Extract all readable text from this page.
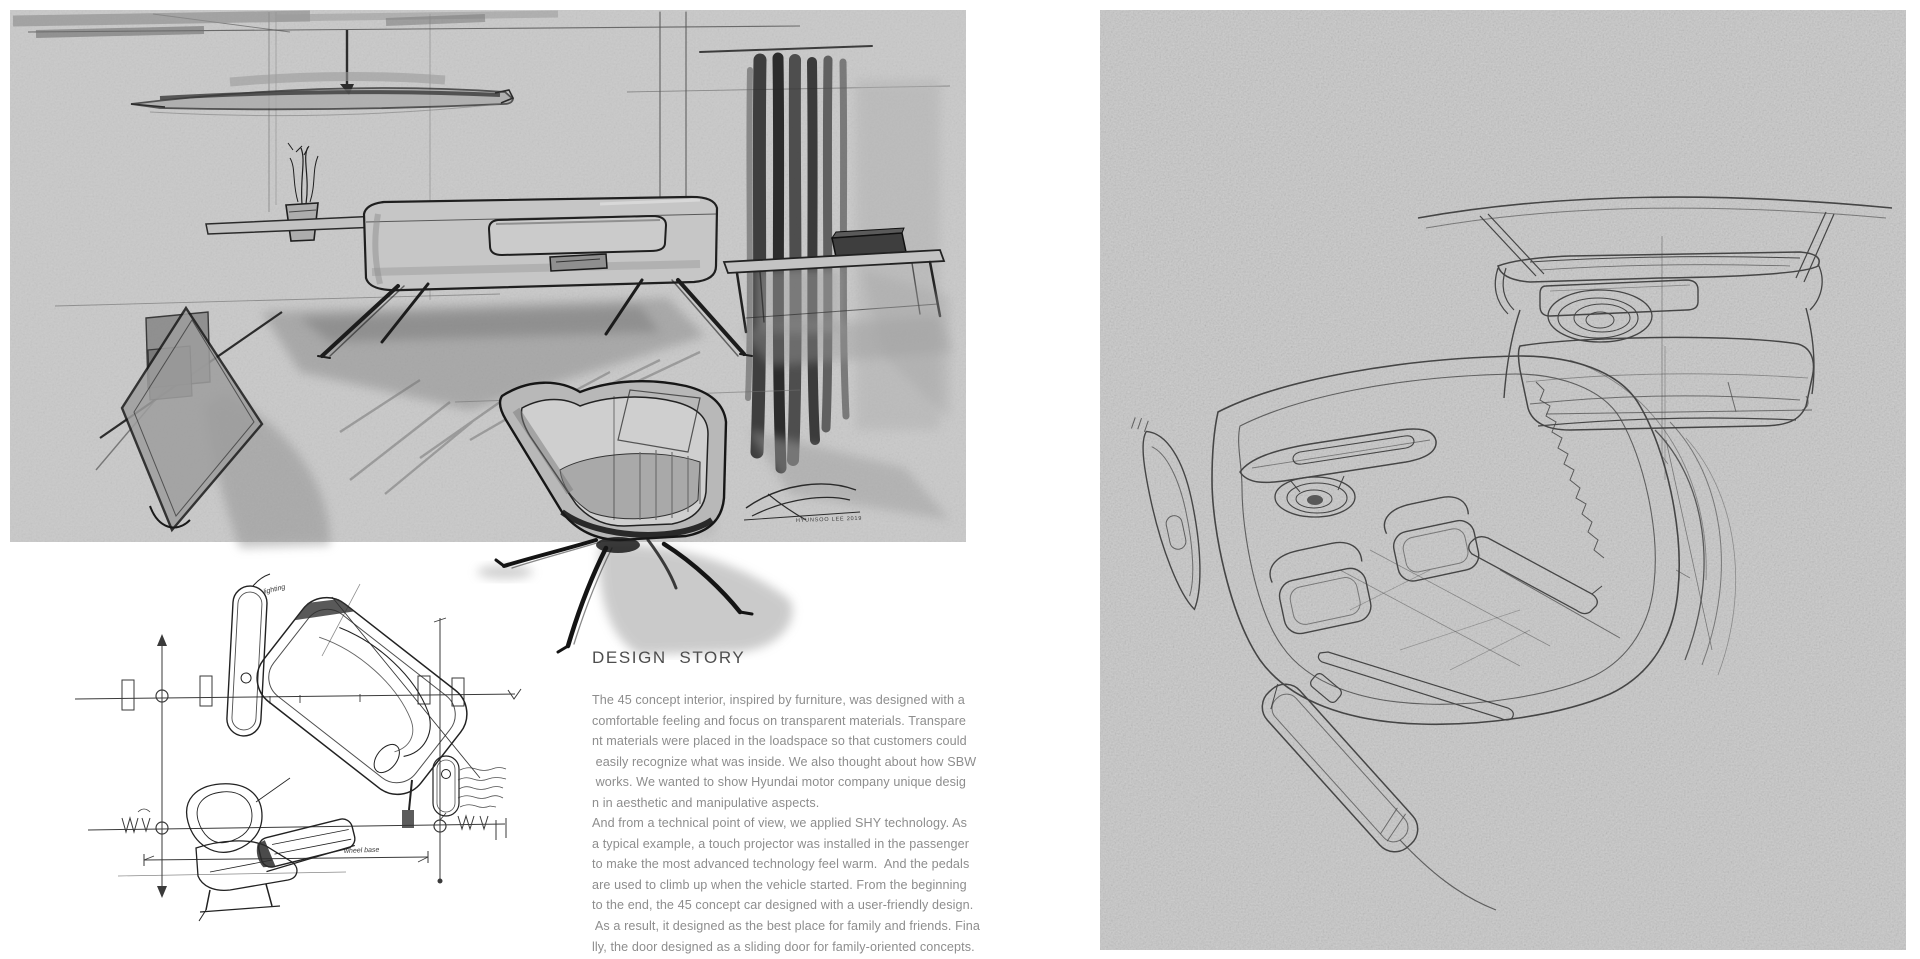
HYUNSOO LEE 2019
wheel base
lighting
DESIGN  STORY
The 45 concept interior, inspired by furniture, was designed with a
comfortable feeling and focus on transparent materials. Transpare
nt materials were placed in the loadspace so that customers could
easily recognize what was inside. We also thought about how SBW
works. We wanted to show Hyundai motor company unique desig
n in aesthetic and manipulative aspects.
And from a technical point of view, we applied SHY technology. As
a typical example, a touch projector was installed in the passenger
to make the most advanced technology feel warm.  And the pedals
are used to climb up when the vehicle started. From the beginning
to the end, the 45 concept car designed with a user-friendly design.
As a result, it designed as the best place for family and friends. Fina
lly, the door designed as a sliding door for family-oriented concepts.
